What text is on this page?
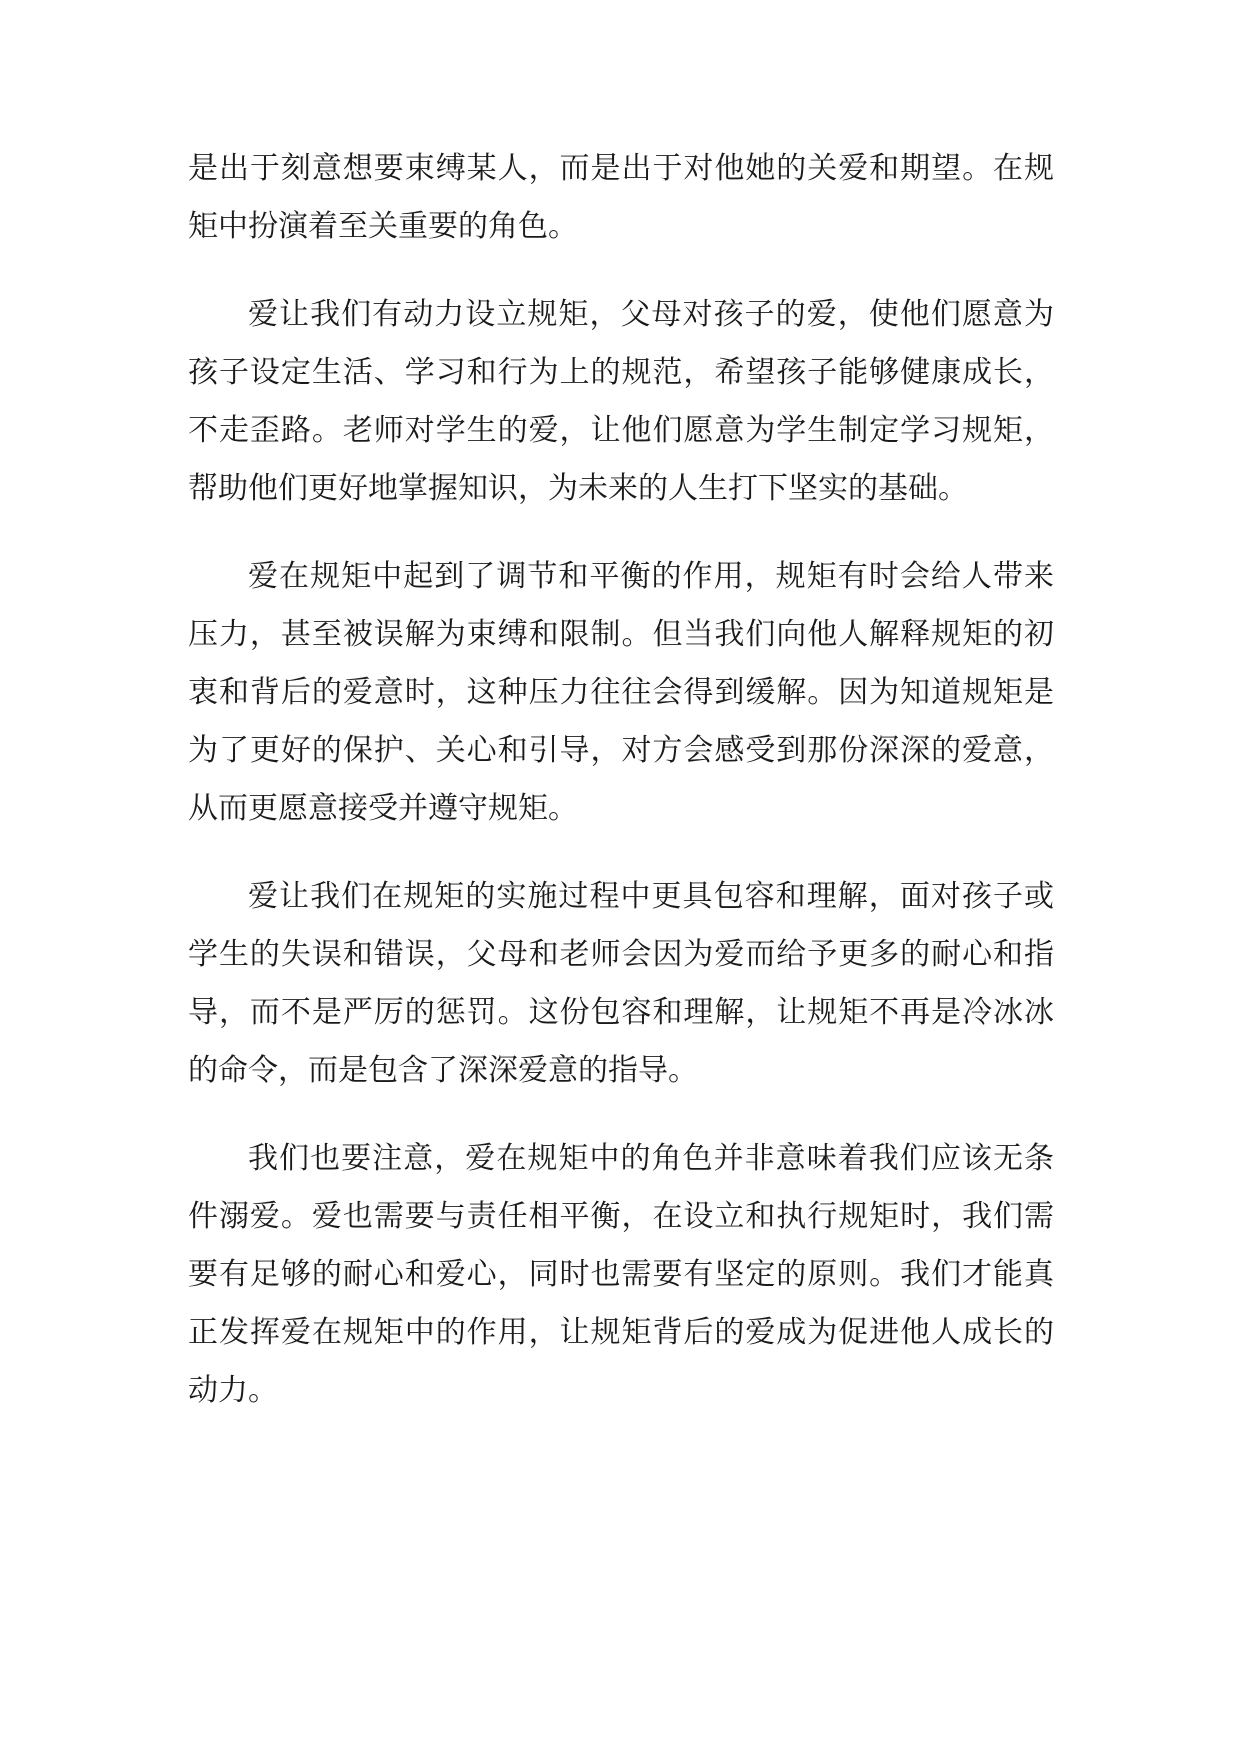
是出于刻意想要束缚某人，而是出于对他她的关爱和期望。在规矩中扮演着至关重要的角色。

爱让我们有动力设立规矩，父母对孩子的爱，使他们愿意为孩子设定生活、学习和行为上的规范，希望孩子能够健康成长，不走歪路。老师对学生的爱，让他们愿意为学生制定学习规矩，帮助他们更好地掌握知识，为未来的人生打下坚实的基础。

爱在规矩中起到了调节和平衡的作用，规矩有时会给人带来压力，甚至被误解为束缚和限制。但当我们向他人解释规矩的初衷和背后的爱意时，这种压力往往会得到缓解。因为知道规矩是为了更好的保护、关心和引导，对方会感受到那份深深的爱意，从而更愿意接受并遵守规矩。

爱让我们在规矩的实施过程中更具包容和理解，面对孩子或学生的失误和错误，父母和老师会因为爱而给予更多的耐心和指导，而不是严厉的惩罚。这份包容和理解，让规矩不再是冷冰冰的命令，而是包含了深深爱意的指导。

我们也要注意，爱在规矩中的角色并非意味着我们应该无条件溺爱。爱也需要与责任相平衡，在设立和执行规矩时，我们需要有足够的耐心和爱心，同时也需要有坚定的原则。我们才能真正发挥爱在规矩中的作用，让规矩背后的爱成为促进他人成长的动力。
